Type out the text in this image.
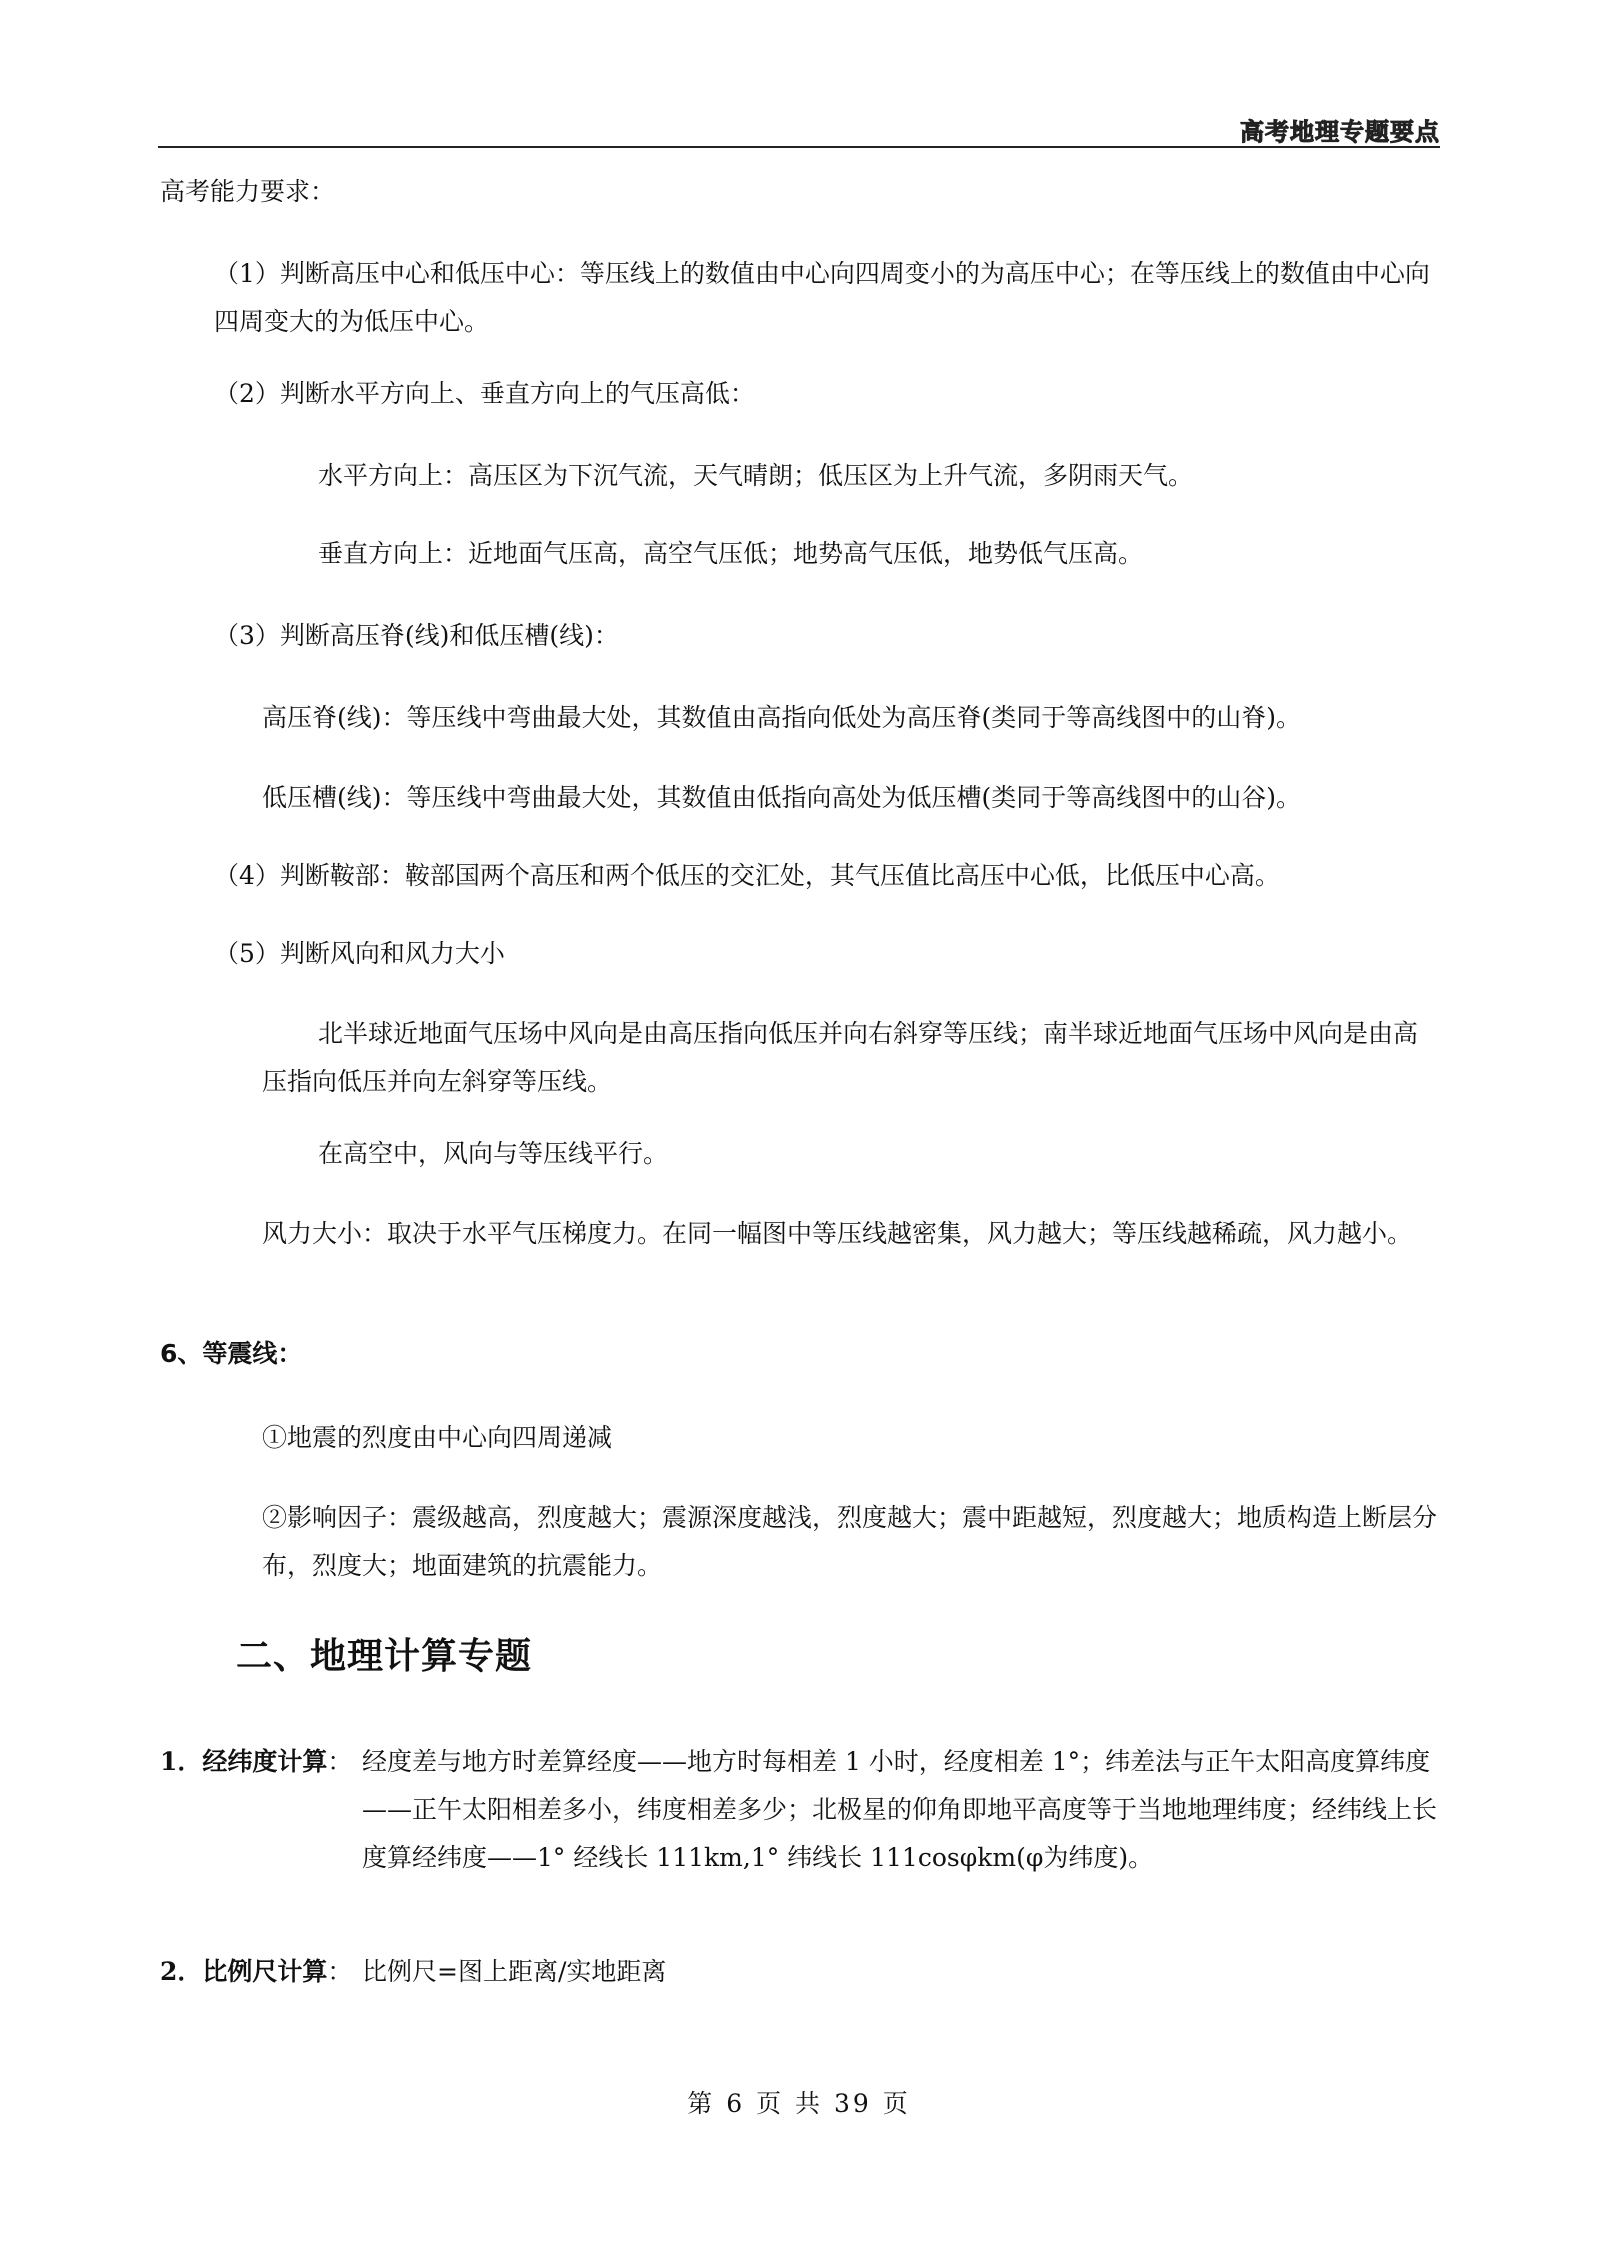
高考地理专题要点
高考能力要求：
（1）判断高压中心和低压中心：等压线上的数值由中心向四周变小的为高压中心；在等压线上的数值由中心向四周变大的为低压中心。
（2）判断水平方向上、垂直方向上的气压高低：
水平方向上：高压区为下沉气流，天气晴朗；低压区为上升气流，多阴雨天气。
垂直方向上：近地面气压高，高空气压低；地势高气压低，地势低气压高。
（3）判断高压脊(线)和低压槽(线)：
高压脊(线)：等压线中弯曲最大处，其数值由高指向低处为高压脊(类同于等高线图中的山脊)。
低压槽(线)：等压线中弯曲最大处，其数值由低指向高处为低压槽(类同于等高线图中的山谷)。
（4）判断鞍部：鞍部国两个高压和两个低压的交汇处，其气压值比高压中心低，比低压中心高。
（5）判断风向和风力大小
北半球近地面气压场中风向是由高压指向低压并向右斜穿等压线；南半球近地面气压场中风向是由高压指向低压并向左斜穿等压线。
在高空中，风向与等压线平行。
风力大小：取决于水平气压梯度力。在同一幅图中等压线越密集，风力越大；等压线越稀疏，风力越小。
6、等震线：
①地震的烈度由中心向四周递减
②影响因子：震级越高，烈度越大；震源深度越浅，烈度越大；震中距越短，烈度越大；地质构造上断层分布，烈度大；地面建筑的抗震能力。
二、地理计算专题
1．经纬度计算： 经度差与地方时差算经度——地方时每相差 1 小时，经度相差 1°；纬差法与正午太阳高度算纬度——正午太阳相差多小，纬度相差多少；北极星的仰角即地平高度等于当地地理纬度；经纬线上长度算经纬度——1° 经线长 111km,1° 纬线长 111cosφkm(φ为纬度)。
2．比例尺计算： 比例尺=图上距离/实地距离
第 6 页 共 39 页
